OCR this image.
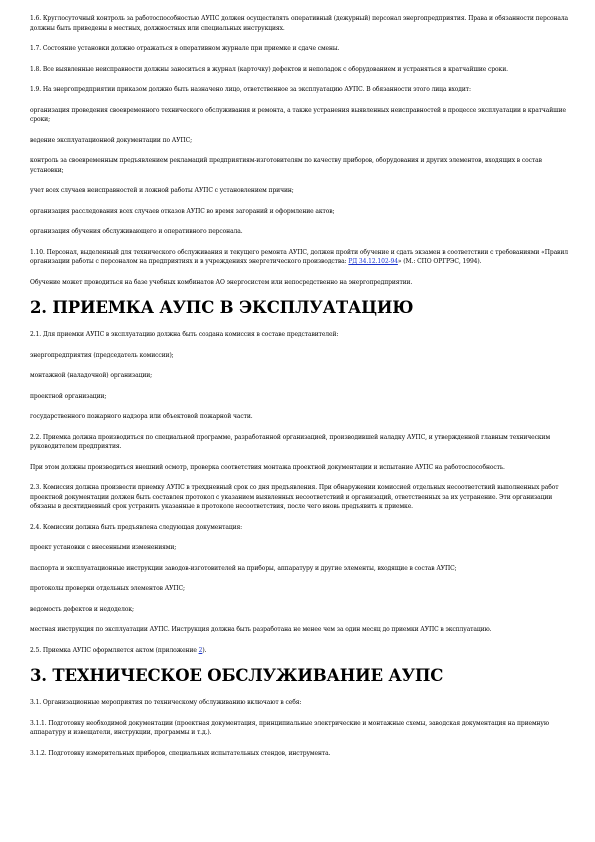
1.6. Круглосуточный контроль за работоспособностью АУПС должен осуществлять оперативный (дежурный) персонал энергопредприятия. Права и обязанности персонала должны быть приведены в местных, должностных или специальных инструкциях.

1.7. Состояние установки должно отражаться в оперативном журнале при приемке и сдаче смены.

1.8. Все выявленные неисправности должны заноситься в журнал (карточку) дефектов и неполадок с оборудованием и устраняться в кратчайшие сроки.

1.9. На энергопредприятии приказом должно быть назначено лицо, ответственное за эксплуатацию АУПС. В обязанности этого лица входит:

организация проведения своевременного технического обслуживания и ремонта, а также устранения выявленных неисправностей в процессе эксплуатации в кратчайшие сроки;

ведение эксплуатационной документации по АУПС;

контроль за своевременным предъявлением рекламаций предприятиям-изготовителям по качеству приборов, оборудования и других элементов, входящих в состав установки;

учет всех случаев неисправностей и ложной работы АУПС с установлением причин;

организация расследования всех случаев отказов АУПС во время загораний и оформление актов;

организация обучения обслуживающего и оперативного персонала.

1.10. Персонал, выделенный для технического обслуживания и текущего ремонта АУПС, должен пройти обучение и сдать экзамен в соответствии с требованиями «Правил организации работы с персоналом на предприятиях и в учреждениях энергетического производства: РД 34.12.102-94» (М.: СПО ОРГРЭС, 1994).

Обучение может проводиться на базе учебных комбинатов АО энергосистем или непосредственно на энергопредприятии.

2. ПРИЕМКА АУПС В ЭКСПЛУАТАЦИЮ

2.1. Для приемки АУПС в эксплуатацию должна быть создана комиссия в составе представителей:

энергопредприятия (председатель комиссии);

монтажной (наладочной) организации;

проектной организации;

государственного пожарного надзора или объектовой пожарной части.

2.2. Приемка должна производиться по специальной программе, разработанной организацией, производившей наладку АУПС, и утвержденной главным техническим руководителем предприятия.

При этом должны производиться внешний осмотр, проверка соответствия монтажа проектной документации и испытание АУПС на работоспособность.

2.3. Комиссия должна произвести приемку АУПС в трехдневный срок со дня предъявления. При обнаружении комиссией отдельных несоответствий выполненных работ проектной документации должен быть составлен протокол с указанием выявленных несоответствий и организаций, ответственных за их устранение. Эти организации обязаны в десятидневный срок устранить указанные в протоколе несоответствия, после чего вновь предъявить к приемке.

2.4. Комиссии должна быть предъявлена следующая документация:

проект установки с внесенными изменениями;

паспорта и эксплуатационные инструкции заводов-изготовителей на приборы, аппаратуру и другие элементы, входящие в состав АУПС;

протоколы проверки отдельных элементов АУПС;

ведомость дефектов и недоделок;

местная инструкция по эксплуатации АУПС. Инструкция должна быть разработана не менее чем за один месяц до приемки АУПС в эксплуатацию.

2.5. Приемка АУПС оформляется актом (приложение 2).

3. ТЕХНИЧЕСКОЕ ОБСЛУЖИВАНИЕ АУПС

3.1. Организационные мероприятия по техническому обслуживанию включают в себя:

3.1.1. Подготовку необходимой документации (проектная документация, принципиальные электрические и монтажные схемы, заводская документация на приемную аппаратуру и извещатели, инструкции, программы и т.д.).

3.1.2. Подготовку измерительных приборов, специальных испытательных стендов, инструмента.
